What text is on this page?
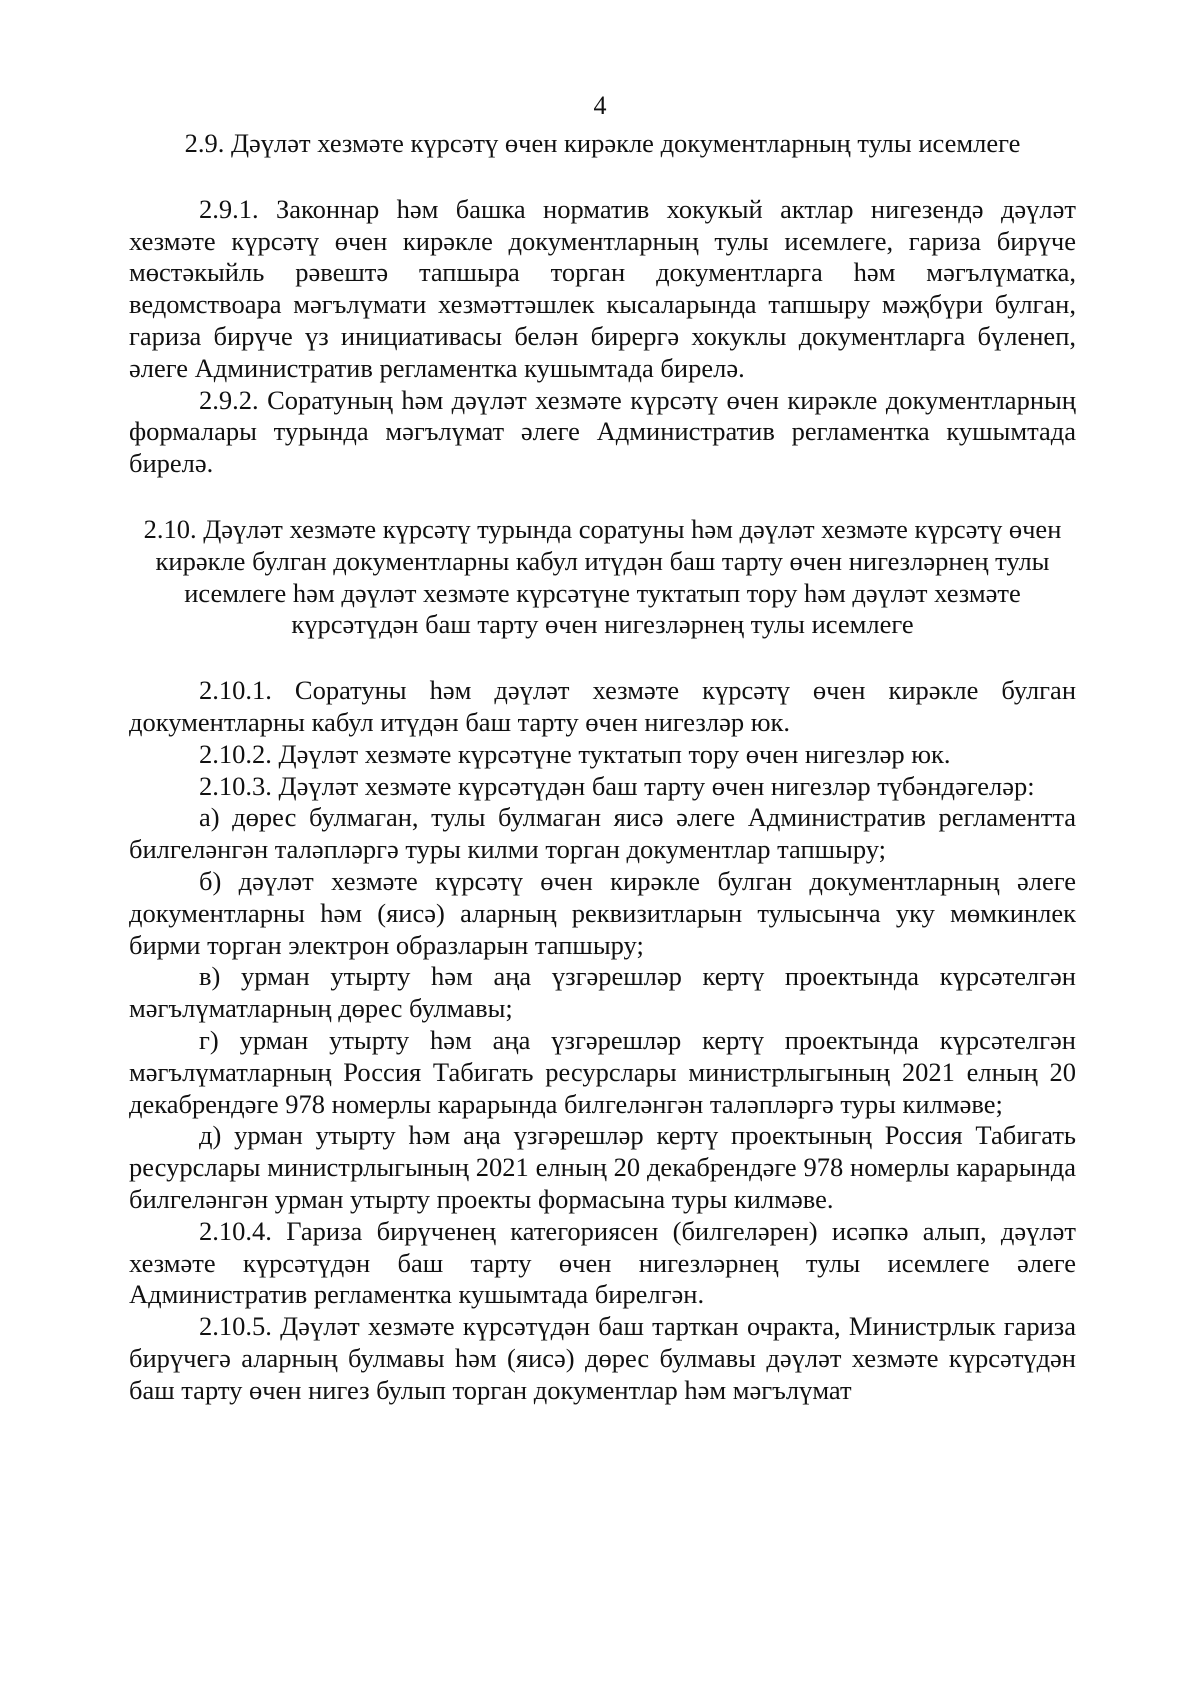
4

2.9. Дәүләт хезмәте күрсәтү өчен кирәкле документларның тулы исемлеге

2.9.1. Законнар һәм башка норматив хокукый актлар нигезендә дәүләт хезмәте күрсәтү өчен кирәкле документларның тулы исемлеге, гариза бирүче мөстәкыйль рәвештә тапшыра торган документларга һәм мәгълүматка, ведомствоара мәгълүмати хезмәттәшлек кысаларында тапшыру мәҗбүри булган, гариза бирүче үз инициативасы белән бирергә хокуклы документларга бүленеп, әлеге Административ регламентка кушымтада бирелә.

2.9.2. Соратуның һәм дәүләт хезмәте күрсәтү өчен кирәкле документларның формалары турында мәгълүмат әлеге Административ регламентка кушымтада бирелә.

2.10. Дәүләт хезмәте күрсәтү турында соратуны һәм дәүләт хезмәте күрсәтү өчен кирәкле булган документларны кабул итүдән баш тарту өчен нигезләрнең тулы исемлеге һәм дәүләт хезмәте күрсәтүне туктатып тору һәм дәүләт хезмәте күрсәтүдән баш тарту өчен нигезләрнең тулы исемлеге

2.10.1. Соратуны һәм дәүләт хезмәте күрсәтү өчен кирәкле булган документларны кабул итүдән баш тарту өчен нигезләр юк.

2.10.2. Дәүләт хезмәте күрсәтүне туктатып тору өчен нигезләр юк.

2.10.3. Дәүләт хезмәте күрсәтүдән баш тарту өчен нигезләр түбәндәгеләр:

а) дөрес булмаган, тулы булмаган яисә әлеге Административ регламентта билгеләнгән таләпләргә туры килми торган документлар тапшыру;

б) дәүләт хезмәте күрсәтү өчен кирәкле булган документларның әлеге документларны һәм (яисә) аларның реквизитларын тулысынча уку мөмкинлек бирми торган электрон образларын тапшыру;

в) урман утырту һәм аңа үзгәрешләр кертү проектында күрсәтелгән мәгълүматларның дөрес булмавы;

г) урман утырту һәм аңа үзгәрешләр кертү проектында күрсәтелгән мәгълүматларның Россия Табигать ресурслары министрлыгының 2021 елның 20 декабрендәге 978 номерлы карарында билгеләнгән таләпләргә туры килмәве;

д) урман утырту һәм аңа үзгәрешләр кертү проектының Россия Табигать ресурслары министрлыгының 2021 елның 20 декабрендәге 978 номерлы карарында билгеләнгән урман утырту проекты формасына туры килмәве.

2.10.4. Гариза бирүченең категориясен (билгеләрен) исәпкә алып, дәүләт хезмәте күрсәтүдән баш тарту өчен нигезләрнең тулы исемлеге әлеге Административ регламентка кушымтада бирелгән.

2.10.5. Дәүләт хезмәте күрсәтүдән баш тарткан очракта, Министрлык гариза бирүчегә аларның булмавы һәм (яисә) дөрес булмавы дәүләт хезмәте күрсәтүдән баш тарту өчен нигез булып торган документлар һәм мәгълүмат
